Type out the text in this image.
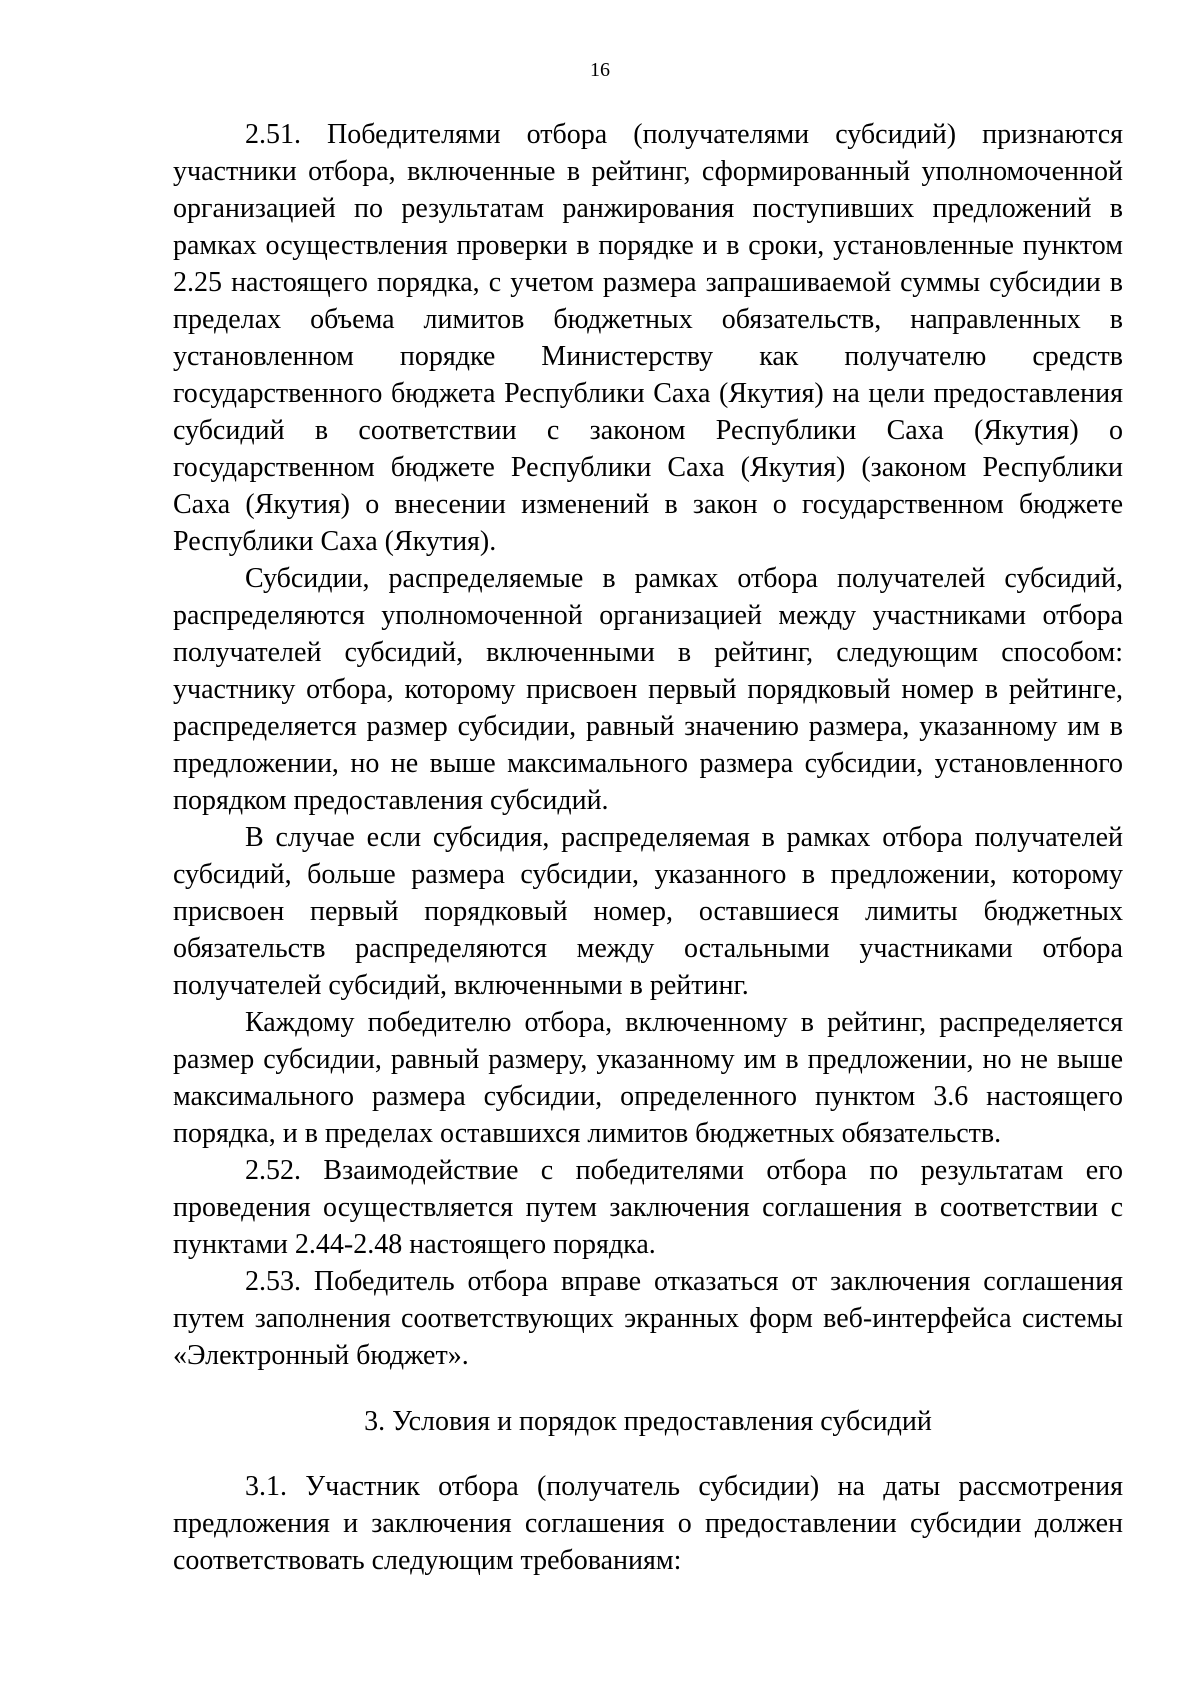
16

2.51. Победителями отбора (получателями субсидий) признаются участники отбора, включенные в рейтинг, сформированный уполномоченной организацией по результатам ранжирования поступивших предложений в рамках осуществления проверки в порядке и в сроки, установленные пунктом 2.25 настоящего порядка, с учетом размера запрашиваемой суммы субсидии в пределах объема лимитов бюджетных обязательств, направленных в установленном порядке Министерству как получателю средств государственного бюджета Республики Саха (Якутия) на цели предоставления субсидий в соответствии с законом Республики Саха (Якутия) о государственном бюджете Республики Саха (Якутия) (законом Республики Саха (Якутия) о внесении изменений в закон о государственном бюджете Республики Саха (Якутия).

Субсидии, распределяемые в рамках отбора получателей субсидий, распределяются уполномоченной организацией между участниками отбора получателей субсидий, включенными в рейтинг, следующим способом: участнику отбора, которому присвоен первый порядковый номер в рейтинге, распределяется размер субсидии, равный значению размера, указанному им в предложении, но не выше максимального размера субсидии, установленного порядком предоставления субсидий.

В случае если субсидия, распределяемая в рамках отбора получателей субсидий, больше размера субсидии, указанного в предложении, которому присвоен первый порядковый номер, оставшиеся лимиты бюджетных обязательств распределяются между остальными участниками отбора получателей субсидий, включенными в рейтинг.

Каждому победителю отбора, включенному в рейтинг, распределяется размер субсидии, равный размеру, указанному им в предложении, но не выше максимального размера субсидии, определенного пунктом 3.6 настоящего порядка, и в пределах оставшихся лимитов бюджетных обязательств.

2.52. Взаимодействие с победителями отбора по результатам его проведения осуществляется путем заключения соглашения в соответствии с пунктами 2.44-2.48 настоящего порядка.

2.53. Победитель отбора вправе отказаться от заключения соглашения путем заполнения соответствующих экранных форм веб-интерфейса системы «Электронный бюджет».

3. Условия и порядок предоставления субсидий

3.1. Участник отбора (получатель субсидии) на даты рассмотрения предложения и заключения соглашения о предоставлении субсидии должен соответствовать следующим требованиям:
